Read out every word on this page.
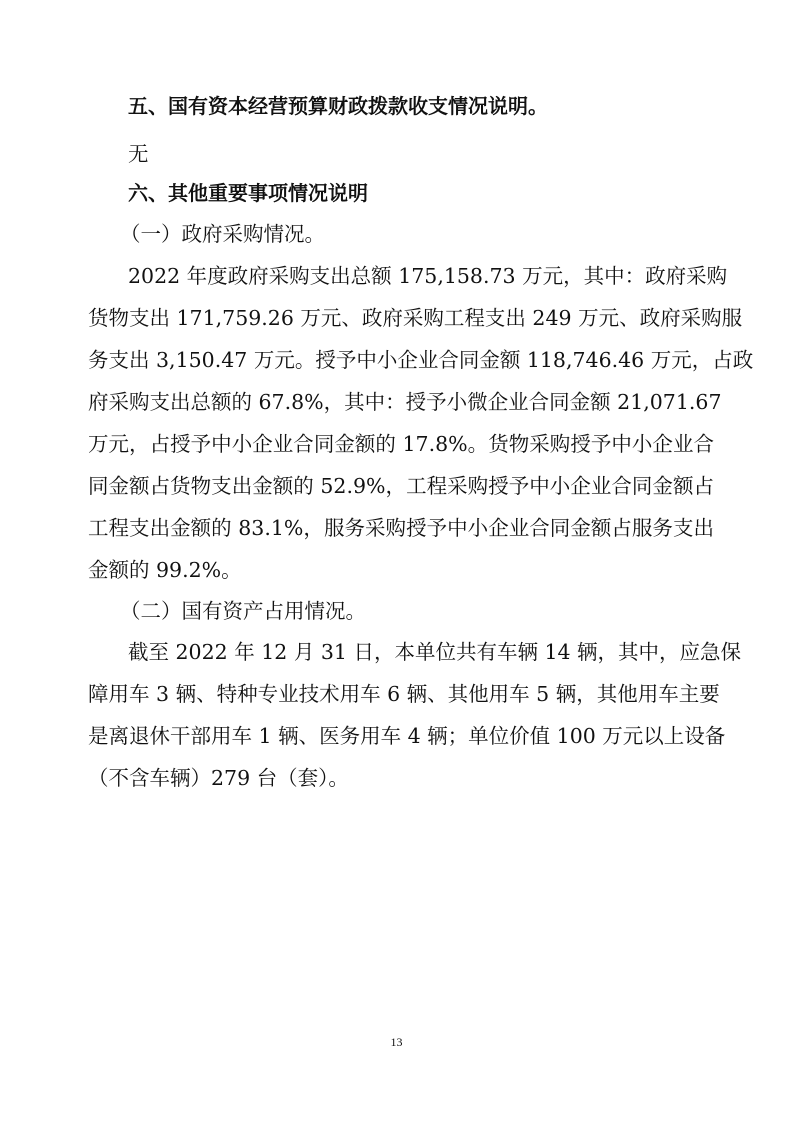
五、国有资本经营预算财政拨款收支情况说明。
无
六、其他重要事项情况说明
（一）政府采购情况。
2022 年度政府采购支出总额 175,158.73 万元，其中：政府采购
货物支出 171,759.26 万元、政府采购工程支出 249 万元、政府采购服
务支出 3,150.47 万元。授予中小企业合同金额 118,746.46 万元，占政
府采购支出总额的 67.8%，其中：授予小微企业合同金额 21,071.67
万元，占授予中小企业合同金额的 17.8%。货物采购授予中小企业合
同金额占货物支出金额的 52.9%，工程采购授予中小企业合同金额占
工程支出金额的 83.1%，服务采购授予中小企业合同金额占服务支出
金额的 99.2%。
（二）国有资产占用情况。
截至 2022 年 12 月 31 日，本单位共有车辆 14 辆，其中，应急保
障用车 3 辆、特种专业技术用车 6 辆、其他用车 5 辆，其他用车主要
是离退休干部用车 1 辆、医务用车 4 辆；单位价值 100 万元以上设备
（不含车辆）279 台（套）。
13
